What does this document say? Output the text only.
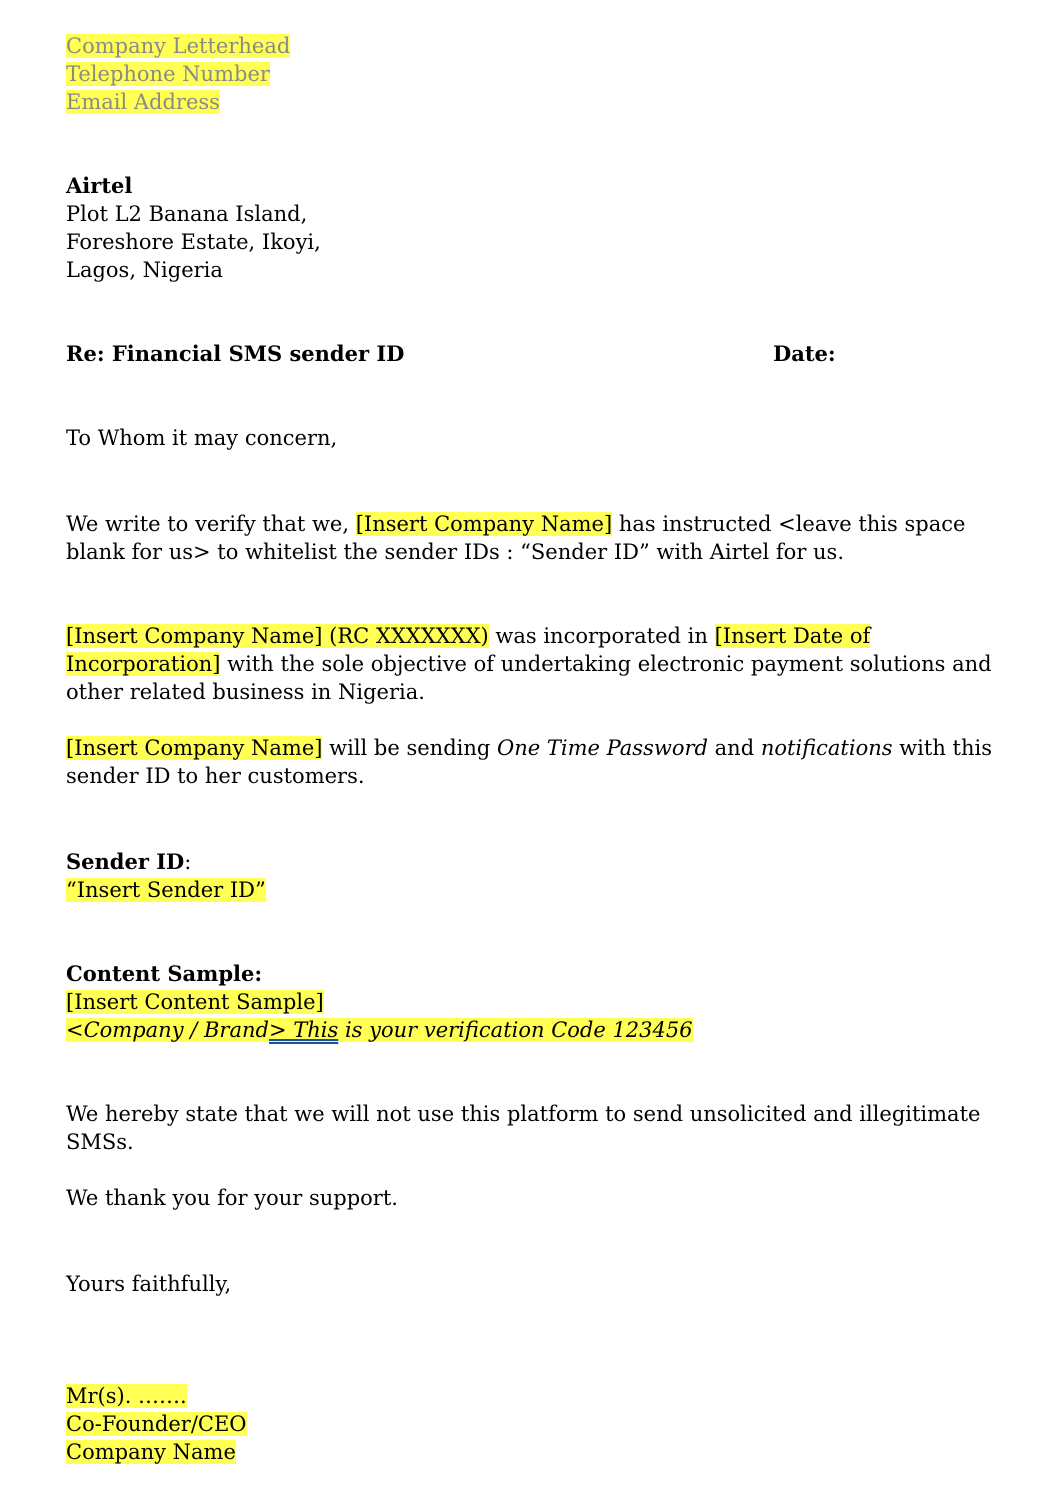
Company Letterhead
Telephone Number
Email Address
Airtel
Plot L2 Banana Island,
Foreshore Estate, Ikoyi,
Lagos, Nigeria
Re: Financial SMS sender ID	Date:
To Whom it may concern,
We write to verify that we, [Insert Company Name] has instructed <leave this space
blank for us> to whitelist the sender IDs : “Sender ID” with Airtel for us.
[Insert Company Name] (RC XXXXXXX) was incorporated in [Insert Date of
Incorporation] with the sole objective of undertaking electronic payment solutions and
other related business in Nigeria.
[Insert Company Name] will be sending One Time Password and notifications with this
sender ID to her customers.
Sender ID:
“Insert Sender ID”
Content Sample:
[Insert Content Sample]
<Company / Brand> This is your verification Code 123456
We hereby state that we will not use this platform to send unsolicited and illegitimate
SMSs.
We thank you for your support.
Yours faithfully,
Mr(s). …….
Co-Founder/CEO
Company Name
